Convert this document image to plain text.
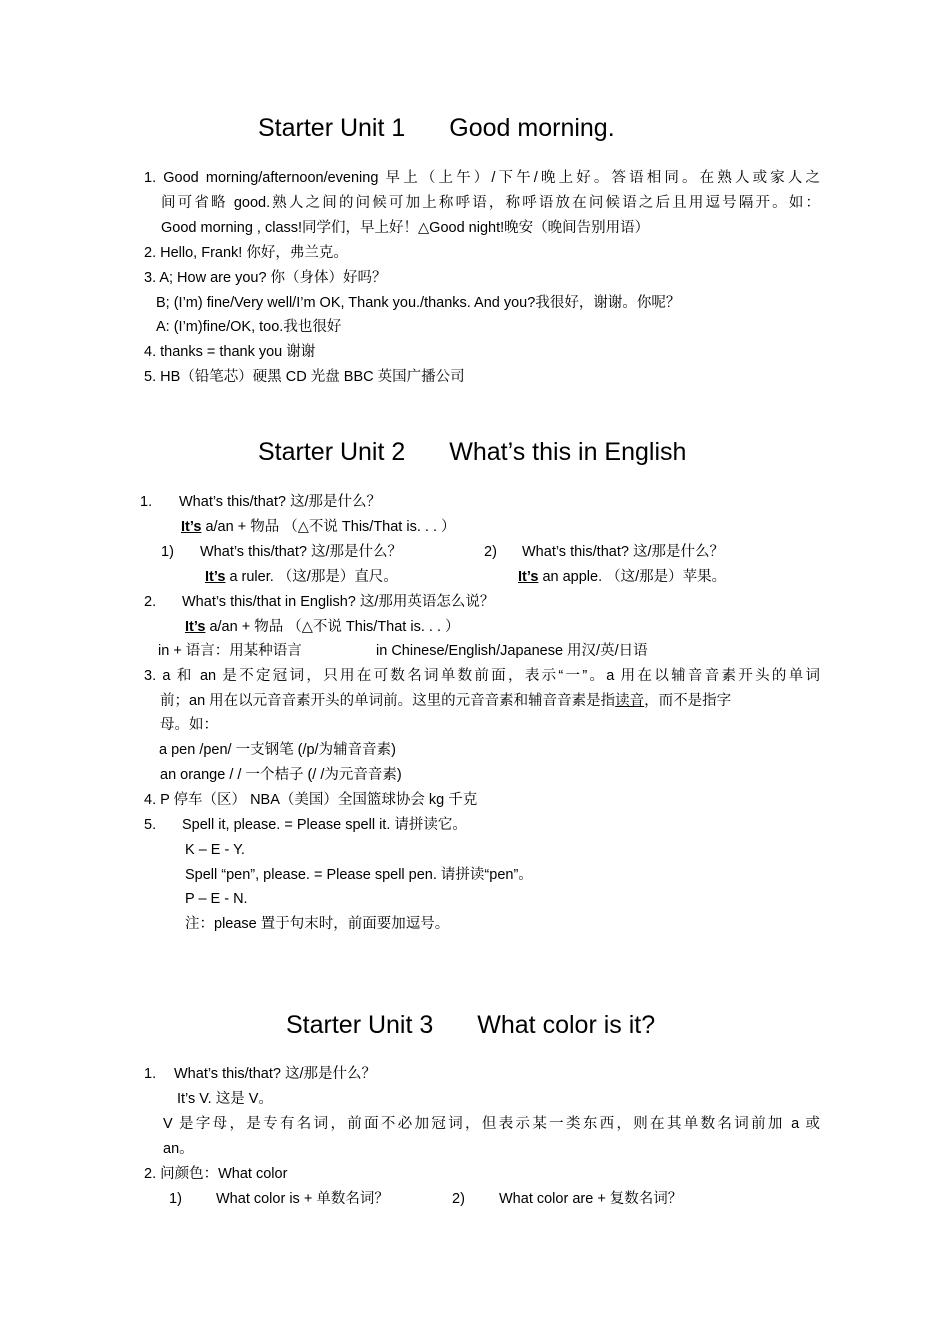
Starter Unit 1 Good morning.
1. Good morning/afternoon/evening 早上（上午）/下午/晚上好。答语相同。在熟人或家人之
间可省略 good.熟人之间的问候可加上称呼语，称呼语放在问候语之后且用逗号隔开。如：
Good morning , class!同学们，早上好！△Good night!晚安（晚间告别用语）
2. Hello, Frank! 你好，弗兰克。
3. A; How are you? 你（身体）好吗？
B; (I’m) fine/Very well/I’m OK, Thank you./thanks. And you?我很好，谢谢。你呢？
A: (I’m)fine/OK, too.我也很好
4. thanks = thank you 谢谢
5. HB（铅笔芯）硬黑 CD 光盘 BBC 英国广播公司
Starter Unit 2 What’s this in English
1. What’s this/that? 这/那是什么？
It’s a/an + 物品 （△不说 This/That is. . . ）
1) What’s this/that? 这/那是什么？	2) What’s this/that? 这/那是什么？
It’s a ruler. （这/那是）直尺。	It’s an apple. （这/那是）苹果。
2. What’s this/that in English? 这/那用英语怎么说？
It’s a/an + 物品 （△不说 This/That is. . . ）
in + 语言：用某种语言	in Chinese/English/Japanese 用汉/英/日语
3. a 和 an 是不定冠词，只用在可数名词单数前面，表示“一”。a 用在以辅音音素开头的单词
前；an 用在以元音音素开头的单词前。这里的元音音素和辅音音素是指读音，而不是指字
母。如：
a pen /pen/ 一支钢笔 (/p/为辅音音素)
an orange / / 一个桔子 (/ /为元音音素)
4. P 停车（区） NBA（美国）全国篮球协会 kg 千克
5. Spell it, please. = Please spell it. 请拼读它。
K – E - Y.
Spell “pen”, please. = Please spell pen. 请拼读“pen”。
P – E - N.
注：please 置于句末时，前面要加逗号。
Starter Unit 3 What color is it?
1. What’s this/that? 这/那是什么？
It’s V. 这是 V。
V 是字母，是专有名词，前面不必加冠词，但表示某一类东西，则在其单数名词前加 a 或
an。
2. 问颜色：What color
1) What color is + 单数名词？	2) What color are + 复数名词？
